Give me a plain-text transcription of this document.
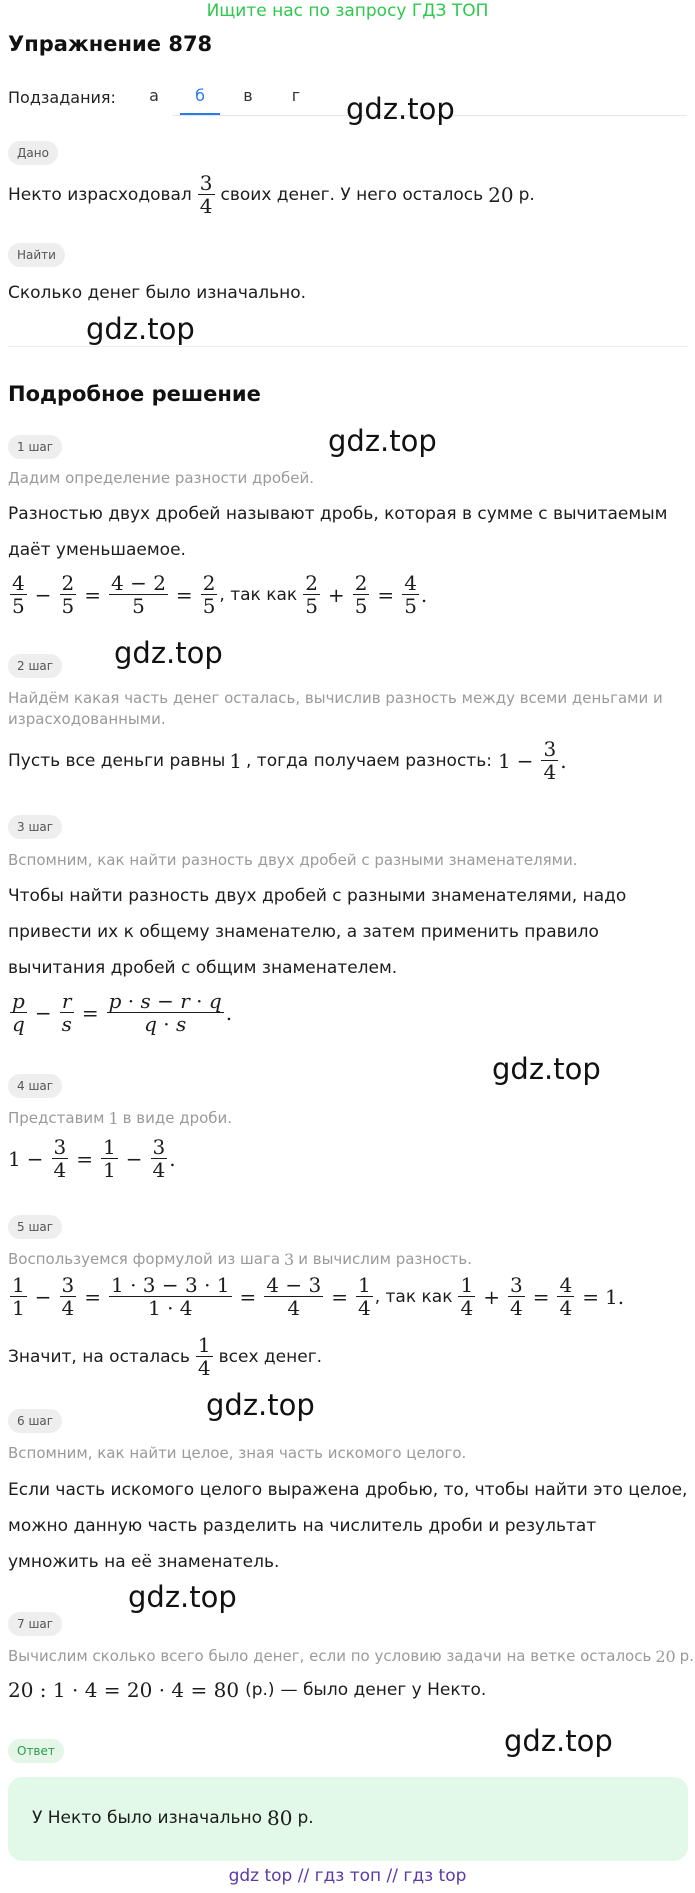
Ищите нас по запросу ГДЗ ТОП
Упражнение 878
Подзадания:	а	б	в	г
Дано
Некто израсходовал $\frac{3}{4}$ своих денег. У него осталось 20 р.
Найти
Сколько денег было изначально.
Подробное решение
1 шаг
Дадим определение разности дробей.
Разностью двух дробей называют дробь, которая в сумме с вычитаемым даёт уменьшаемое.
$\frac{4}{5} - \frac{2}{5} = \frac{4 - 2}{5} = \frac{2}{5}$ , так как $\frac{2}{5} + \frac{2}{5} = \frac{4}{5}$ .
2 шаг
Найдём какая часть денег осталась, вычислив разность между всеми деньгами и израсходованными.
Пусть все деньги равны 1 , тогда получаем разность: $1 - \frac{3}{4}$ .
3 шаг
Вспомним, как найти разность двух дробей с разными знаменателями.
Чтобы найти разность двух дробей с разными знаменателями, надо привести их к общему знаменателю, а затем применить правило вычитания дробей с общим знаменателем.
$\frac{p}{q} - \frac{r}{s} = \frac{p \cdot s - r \cdot q}{q \cdot s}$ .
4 шаг
Представим 1 в виде дроби.
$1 - \frac{3}{4} = \frac{1}{1} - \frac{3}{4}$ .
5 шаг
Воспользуемся формулой из шага 3 и вычислим разность.
$\frac{1}{1} - \frac{3}{4} = \frac{1 \cdot 3 - 3 \cdot 1}{1 \cdot 4} = \frac{4 - 3}{4} = \frac{1}{4}$ , так как $\frac{1}{4} + \frac{3}{4} = \frac{4}{4} = 1$.
Значит, на осталась $\frac{1}{4}$ всех денег.
6 шаг
Вспомним, как найти целое, зная часть искомого целого.
Если часть искомого целого выражена дробью, то, чтобы найти это целое, можно данную часть разделить на числитель дроби и результат умножить на её знаменатель.
7 шаг
Вычислим сколько всего было денег, если по условию задачи на ветке осталось 20 р.
20 : 1 · 4 = 20 · 4 = 80 (р.) — было денег у Некто.
Ответ
У Некто было изначально 80 р.
gdz.top
gdz.top
gdz.top
gdz.top
gdz.top
gdz.top
gdz.top
gdz.top
gdz top // гдз топ // гдз top
